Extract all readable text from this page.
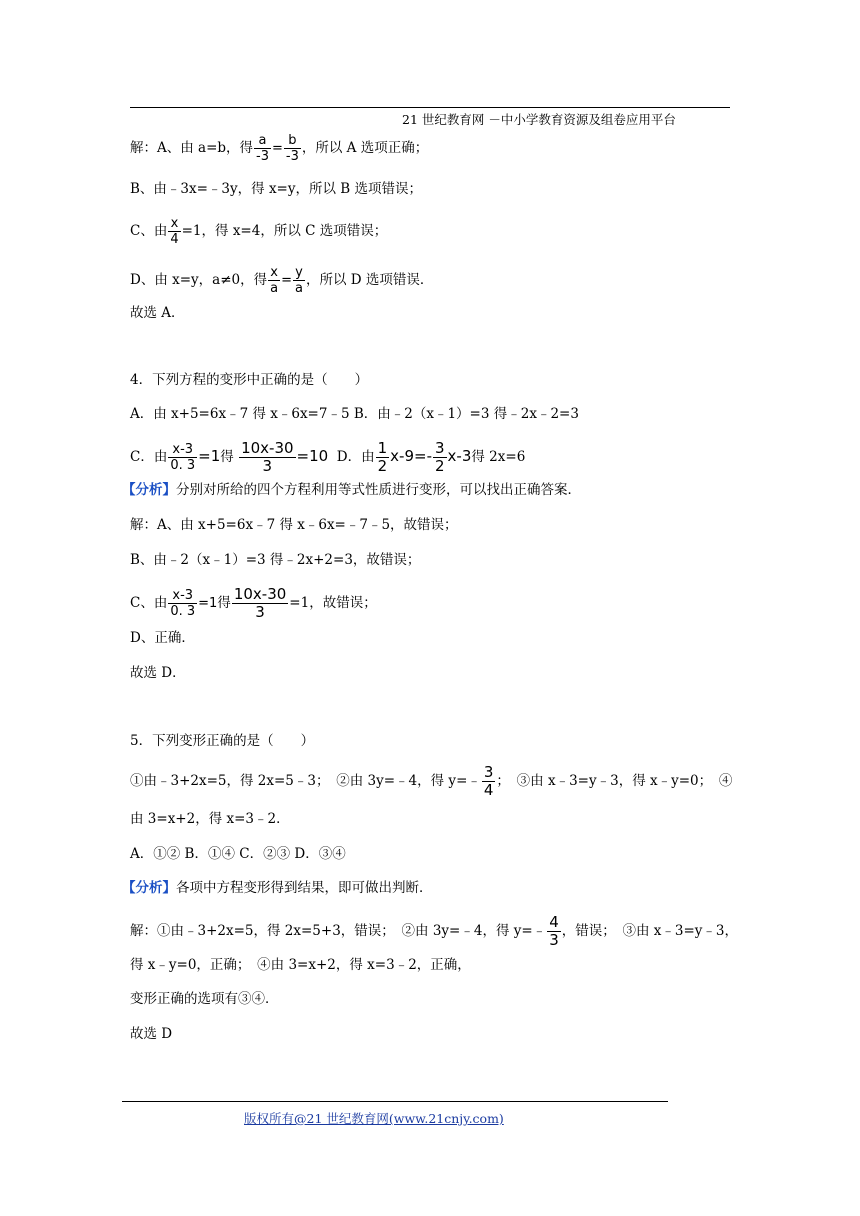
21 世纪教育网 －中小学教育资源及组卷应用平台
解：A、由 a=b，得 $\frac{a}{-3} = \frac{b}{-3}$ ，所以 A 选项正确；
B、由﹣3x=﹣3y，得 x=y，所以 B 选项错误；
C、由 $\frac{x}{4} =1$，得 x=4，所以 C 选项错误；
D、由 x=y，a≠0，得 $\frac{x}{a} = \frac{y}{a}$ ，所以 D 选项错误．
故选 A．
4．下列方程的变形中正确的是（　　）
A．由 x+5=6x﹣7 得 x﹣6x=7﹣5 B．由﹣2（x﹣1）=3 得﹣2x﹣2=3
C．由 $\frac{x-3}{0. 3} =1$得 $\frac{10x-30}{3} =10$ D．由 $\frac{1}{2} x-9=- \frac{3}{2} x-3$得 2x=6
【分析】分别对所给的四个方程利用等式性质进行变形，可以找出正确答案．
解：A、由 x+5=6x﹣7 得 x﹣6x=﹣7﹣5，故错误；
B、由﹣2（x﹣1）=3 得﹣2x+2=3，故错误；
C、由 $\frac{x-3}{0. 3} =1$得 $\frac{10x-30}{3} =1$，故错误；
D、正确．
故选 D．
5．下列变形正确的是（　　）
①由﹣3+2x=5，得 2x=5﹣3；　②由 3y=﹣4，得 y=﹣ $\frac{3}{4}$ ；　③由 x﹣3=y﹣3，得 x﹣y=0；　④
由 3=x+2，得 x=3﹣2．
A．①② B．①④ C．②③ D．③④
【分析】各项中方程变形得到结果，即可做出判断．
解：①由﹣3+2x=5，得 2x=5+3，错误；　②由 3y=﹣4，得 y=﹣ $\frac{4}{3}$ ，错误；　③由 x﹣3=y﹣3，
得 x﹣y=0，正确；　④由 3=x+2，得 x=3﹣2，正确，
变形正确的选项有③④．
故选 D
版权所有@21 世纪教育网(www.21cnjy.com)
